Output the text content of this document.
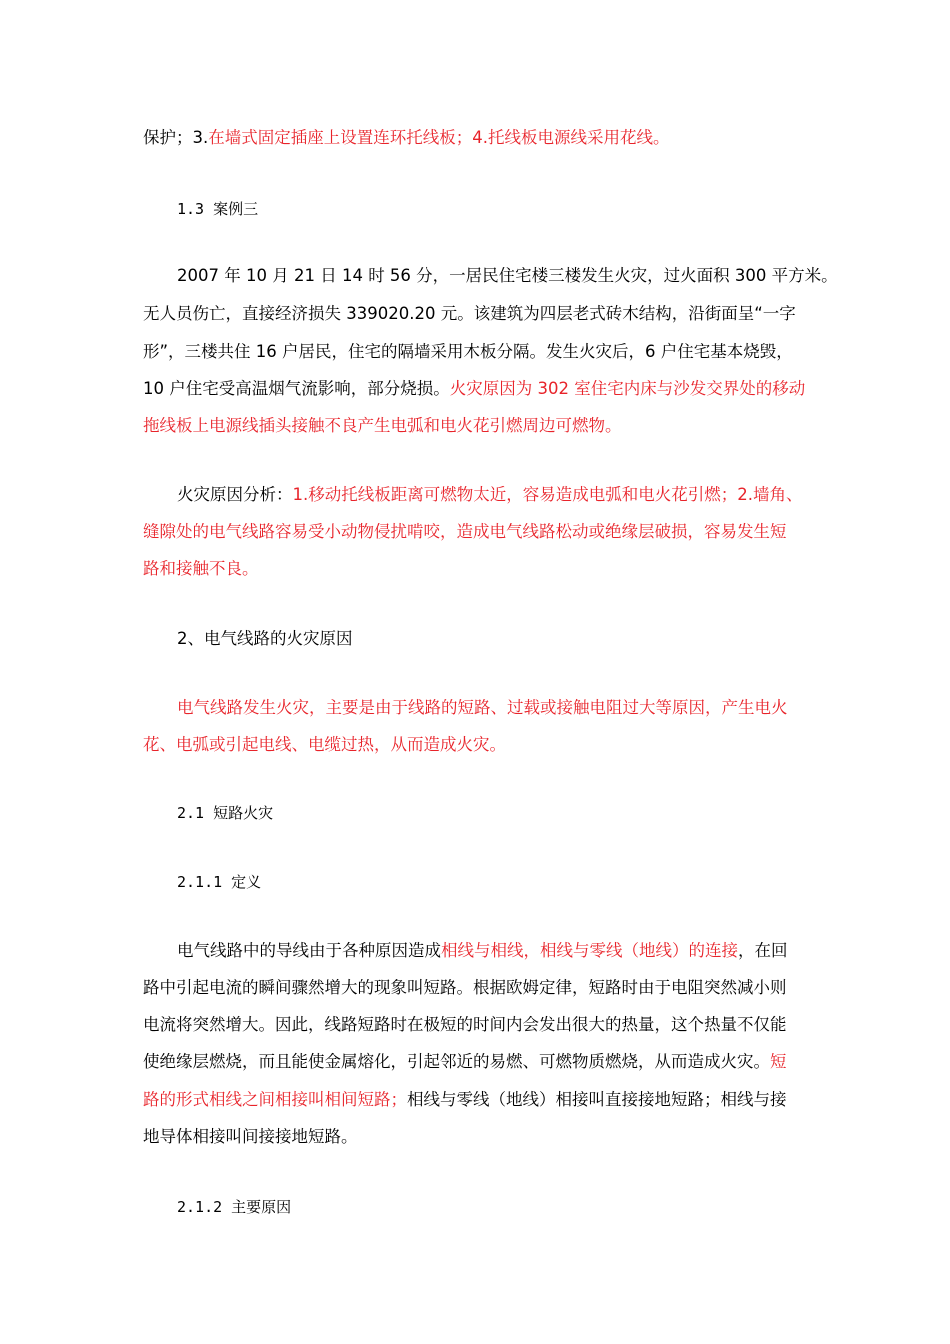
保护；3.在墙式固定插座上设置连环托线板；4.托线板电源线采用花线。
1.3 案例三
2007 年 10 月 21 日 14 时 56 分，一居民住宅楼三楼发生火灾，过火面积 300 平方米。
无人员伤亡，直接经济损失 339020.20 元。该建筑为四层老式砖木结构，沿街面呈“一字
形”，三楼共住 16 户居民，住宅的隔墙采用木板分隔。发生火灾后，6 户住宅基本烧毁，
10 户住宅受高温烟气流影响，部分烧损。火灾原因为 302 室住宅内床与沙发交界处的移动
拖线板上电源线插头接触不良产生电弧和电火花引燃周边可燃物。
火灾原因分析：1.移动托线板距离可燃物太近，容易造成电弧和电火花引燃；2.墙角、
缝隙处的电气线路容易受小动物侵扰啃咬，造成电气线路松动或绝缘层破损，容易发生短
路和接触不良。
2、电气线路的火灾原因
电气线路发生火灾，主要是由于线路的短路、过载或接触电阻过大等原因，产生电火
花、电弧或引起电线、电缆过热，从而造成火灾。
2.1 短路火灾
2.1.1 定义
电气线路中的导线由于各种原因造成相线与相线，相线与零线（地线）的连接，在回
路中引起电流的瞬间骤然增大的现象叫短路。根据欧姆定律，短路时由于电阻突然减小则
电流将突然增大。因此，线路短路时在极短的时间内会发出很大的热量，这个热量不仅能
使绝缘层燃烧，而且能使金属熔化，引起邻近的易燃、可燃物质燃烧，从而造成火灾。短
路的形式相线之间相接叫相间短路；相线与零线（地线）相接叫直接接地短路；相线与接
地导体相接叫间接接地短路。
2.1.2 主要原因
